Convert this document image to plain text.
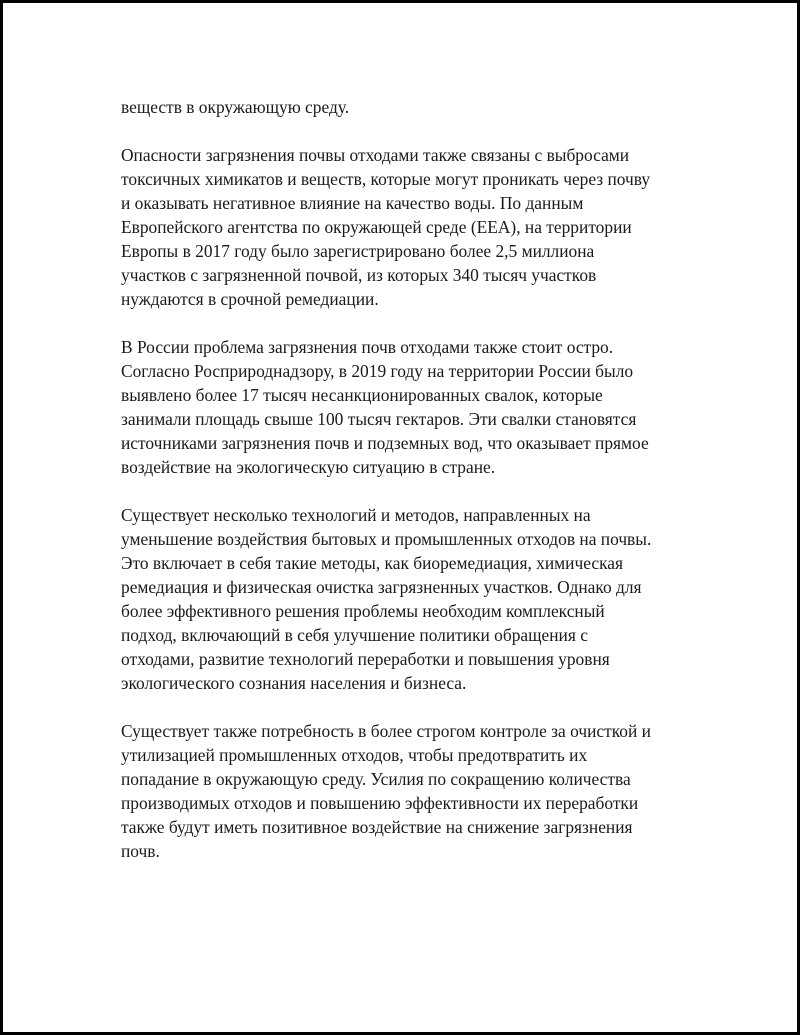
веществ в окружающую среду.

Опасности загрязнения почвы отходами также связаны с выбросами
токсичных химикатов и веществ, которые могут проникать через почву
и оказывать негативное влияние на качество воды. По данным
Европейского агентства по окружающей среде (EEA), на территории
Европы в 2017 году было зарегистрировано более 2,5 миллиона
участков с загрязненной почвой, из которых 340 тысяч участков
нуждаются в срочной ремедиации.

В России проблема загрязнения почв отходами также стоит остро.
Согласно Росприроднадзору, в 2019 году на территории России было
выявлено более 17 тысяч несанкционированных свалок, которые
занимали площадь свыше 100 тысяч гектаров. Эти свалки становятся
источниками загрязнения почв и подземных вод, что оказывает прямое
воздействие на экологическую ситуацию в стране.

Существует несколько технологий и методов, направленных на
уменьшение воздействия бытовых и промышленных отходов на почвы.
Это включает в себя такие методы, как биоремедиация, химическая
ремедиация и физическая очистка загрязненных участков. Однако для
более эффективного решения проблемы необходим комплексный
подход, включающий в себя улучшение политики обращения с
отходами, развитие технологий переработки и повышения уровня
экологического сознания населения и бизнеса.

Существует также потребность в более строгом контроле за очисткой и
утилизацией промышленных отходов, чтобы предотвратить их
попадание в окружающую среду. Усилия по сокращению количества
производимых отходов и повышению эффективности их переработки
также будут иметь позитивное воздействие на снижение загрязнения
почв.
